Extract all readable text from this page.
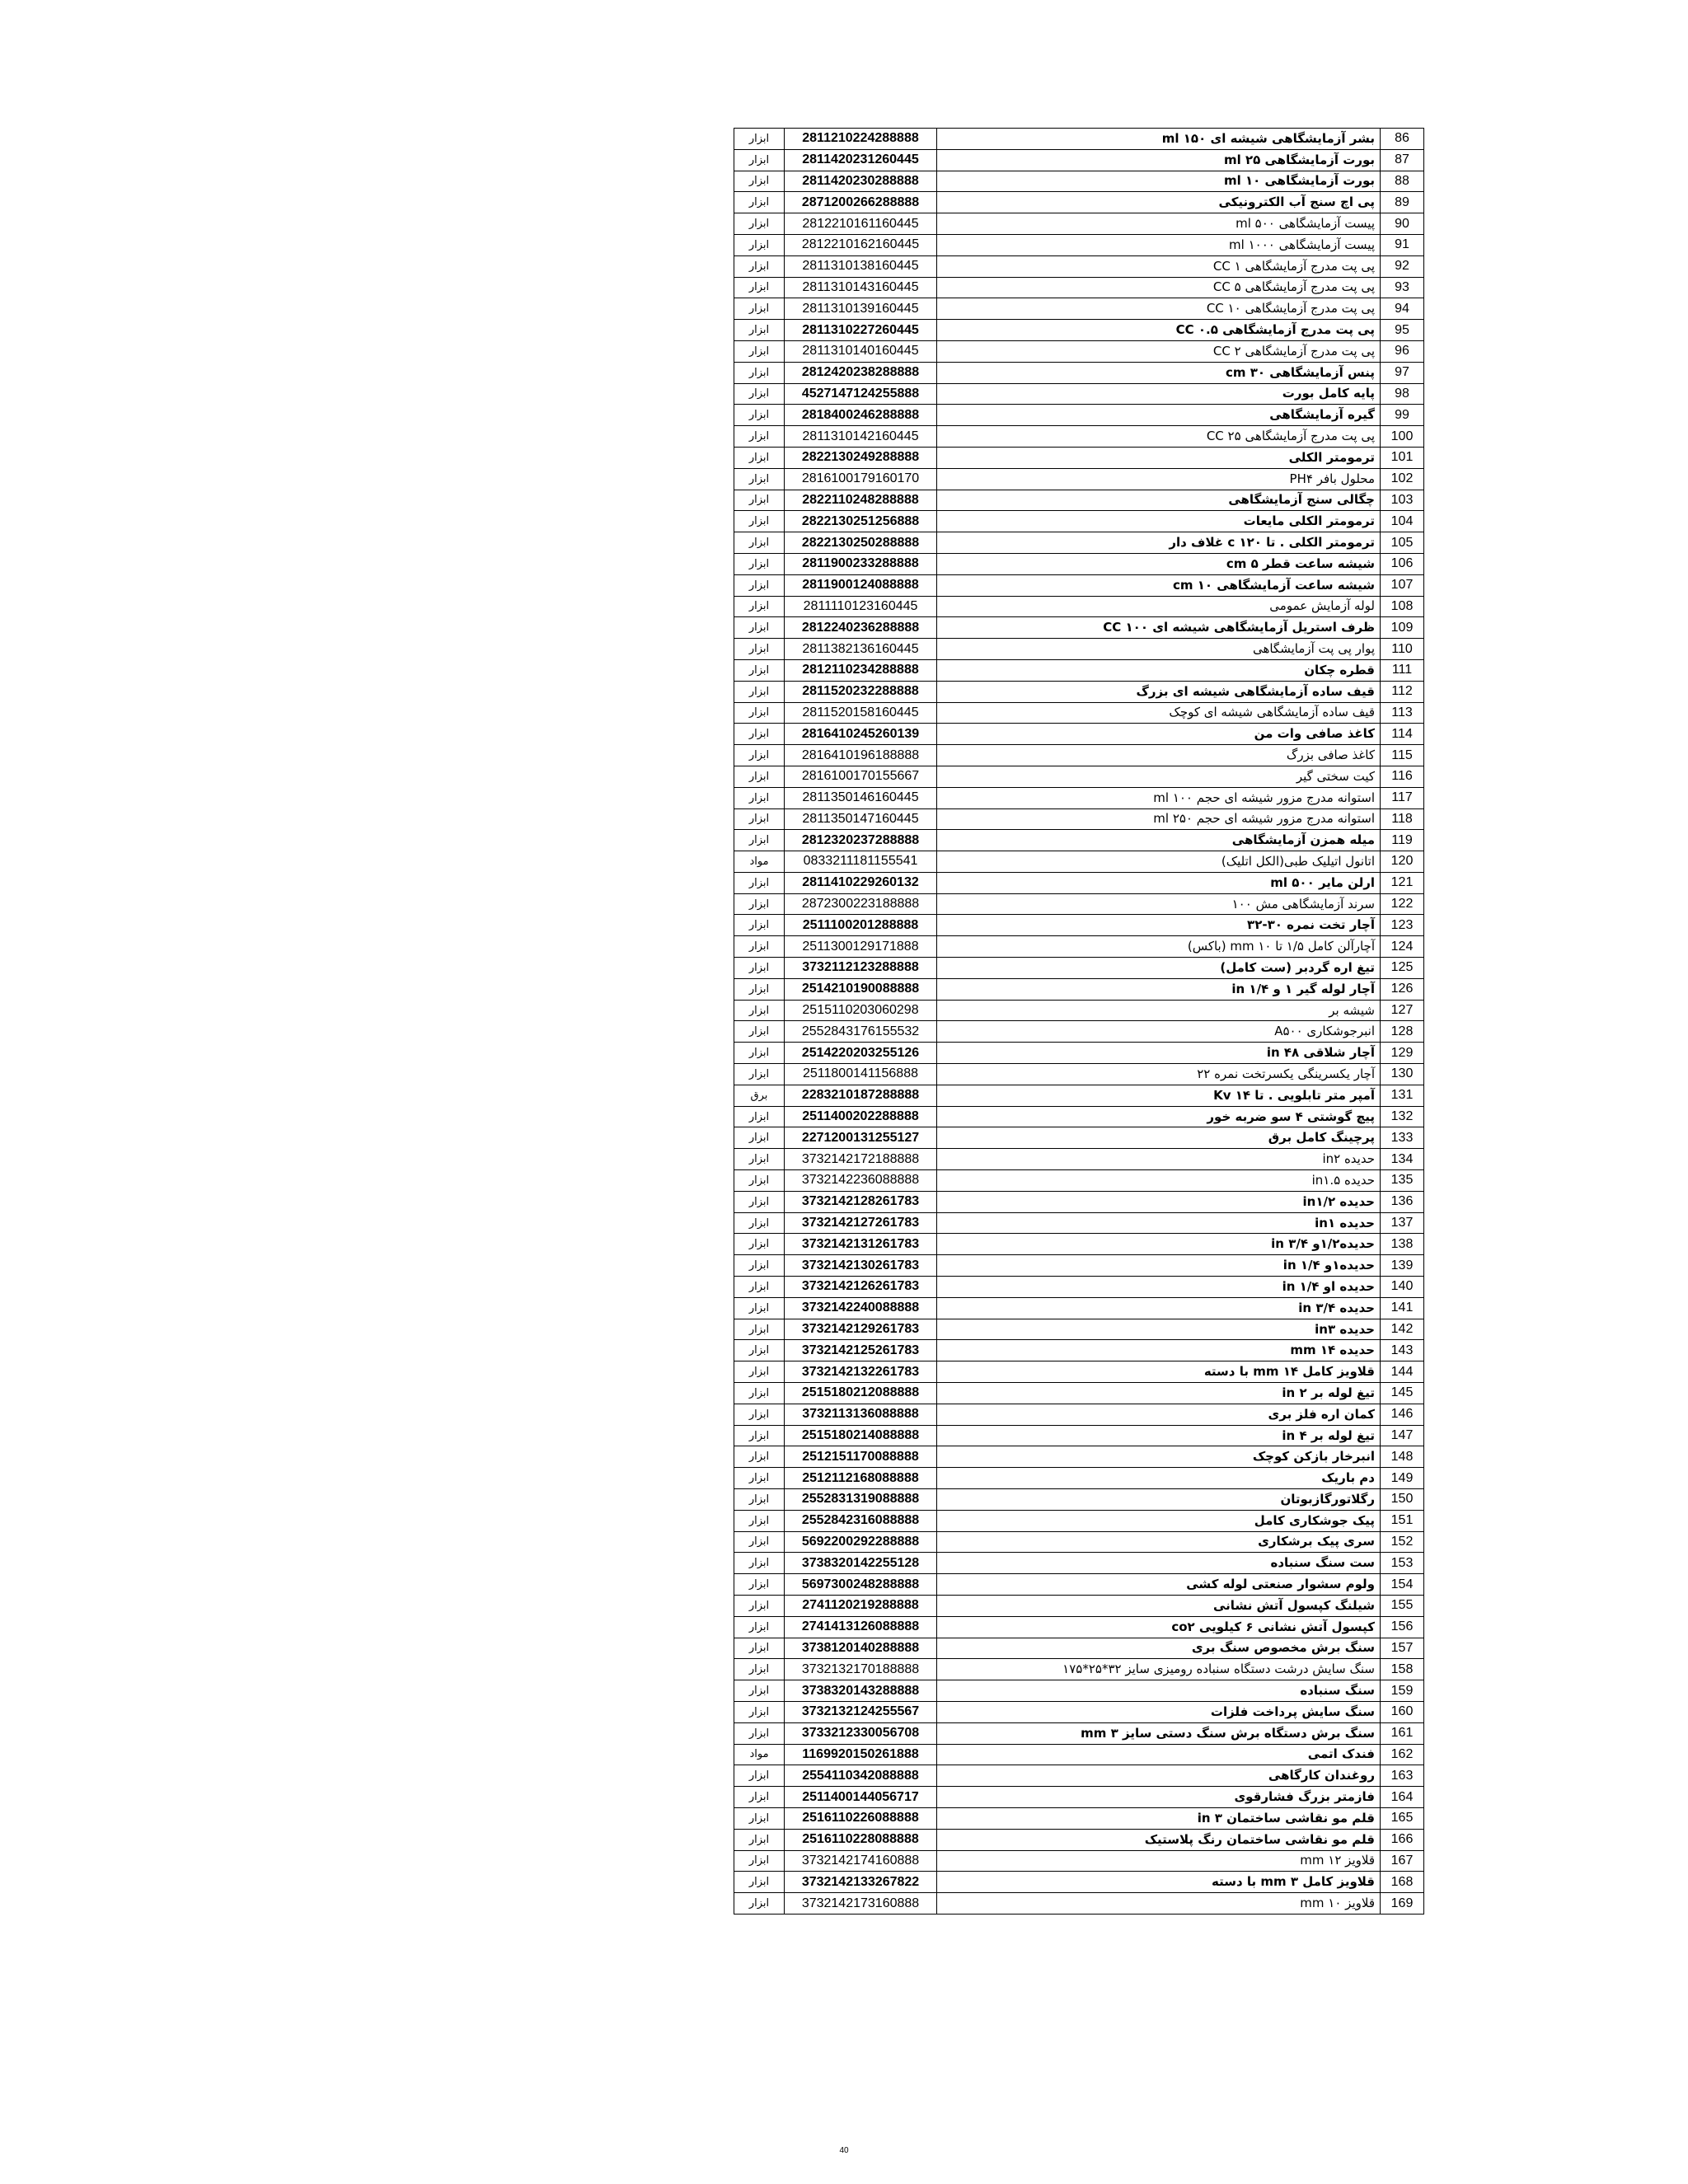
ابزار	2811210224288888	بشر آزمایشگاهی شیشه ای ۱۵۰ ml	86
ابزار	2811420231260445	بورت آزمایشگاهی ۲۵ ml	87
ابزار	2811420230288888	بورت آزمایشگاهی ۱۰ ml	88
ابزار	2871200266288888	پی اچ سنج آب الکترونیکی	89
ابزار	2812210161160445	پیست آزمایشگاهی ۵۰۰ ml	90
ابزار	2812210162160445	پیست آزمایشگاهی ۱۰۰۰ ml	91
ابزار	2811310138160445	پی پت مدرج آزمایشگاهی ۱ CC	92
ابزار	2811310143160445	پی پت مدرج آزمایشگاهی ۵ CC	93
ابزار	2811310139160445	پی پت مدرج آزمایشگاهی ۱۰ CC	94
ابزار	2811310227260445	پی پت مدرج آزمایشگاهی ۰.۵ CC	95
ابزار	2811310140160445	پی پت مدرج آزمایشگاهی ۲ CC	96
ابزار	2812420238288888	پنس آزمایشگاهی ۳۰ cm	97
ابزار	4527147124255888	پایه کامل بورت	98
ابزار	2818400246288888	گیره آزمایشگاهی	99
ابزار	2811310142160445	پی پت مدرج آزمایشگاهی ۲۵ CC	100
ابزار	2822130249288888	ترمومتر الکلی	101
ابزار	2816100179160170	محلول بافر PH۴	102
ابزار	2822110248288888	چگالی سنج آزمایشگاهی	103
ابزار	2822130251256888	ترمومتر الکلی مایعات	104
ابزار	2822130250288888	ترمومتر الکلی . تا ۱۲۰ c غلاف دار	105
ابزار	2811900233288888	شیشه ساعت قطر ۵ cm	106
ابزار	2811900124088888	شیشه ساعت آزمایشگاهی ۱۰ cm	107
ابزار	2811110123160445	لوله آزمایش عمومی	108
ابزار	2812240236288888	ظرف استریل آزمایشگاهی شیشه ای ۱۰۰ CC	109
ابزار	2811382136160445	پوار پی پت آزمایشگاهی	110
ابزار	2812110234288888	قطره چکان	111
ابزار	2811520232288888	قیف ساده آزمایشگاهی شیشه ای بزرگ	112
ابزار	2811520158160445	قیف ساده آزمایشگاهی شیشه ای کوچک	113
ابزار	2816410245260139	کاغذ صافی وات من	114
ابزار	2816410196188888	کاغذ صافی بزرگ	115
ابزار	2816100170155667	کیت سختی گیر	116
ابزار	2811350146160445	استوانه مدرج مزور شیشه ای حجم ۱۰۰ ml	117
ابزار	2811350147160445	استوانه مدرج مزور شیشه ای حجم ۲۵۰ ml	118
ابزار	2812320237288888	میله همزن آزمایشگاهی	119
مواد	0833211181155541	اتانول اتیلیک طبی(الکل اتلیک)	120
ابزار	2811410229260132	ارلن مایر ۵۰۰ ml	121
ابزار	2872300223188888	سرند آزمایشگاهی مش ۱۰۰	122
ابزار	2511100201288888	آچار تخت نمره ۳۰-۳۲	123
ابزار	2511300129171888	آچارآلن کامل ۱/۵ تا ۱۰ mm (باکس)	124
ابزار	3732112123288888	تیغ اره گردبر (ست کامل)	125
ابزار	2514210190088888	آچار لوله گیر ۱ و ۱/۴ in	126
ابزار	2515110203060298	شیشه بر	127
ابزار	2552843176155532	انبرجوشکاری A۵۰۰	128
ابزار	2514220203255126	آچار شلاقی ۴۸ in	129
ابزار	2511800141156888	آچار یکسرینگی یکسرتخت نمره ۲۲	130
برق	2283210187288888	آمپر متر تابلویی . تا ۱۴ Kv	131
ابزار	2511400202288888	پیچ گوشتی ۴ سو ضربه خور	132
ابزار	2271200131255127	پرچینگ کامل برق	133
ابزار	3732142172188888	حدیده in۲	134
ابزار	3732142236088888	حدیده in۱.۵	135
ابزار	3732142128261783	حدیده in۱/۲	136
ابزار	3732142127261783	حدیده in۱	137
ابزار	3732142131261783	حدیده۱/۲و ۳/۴ in	138
ابزار	3732142130261783	حدیده۱و ۱/۴ in	139
ابزار	3732142126261783	حدیده او ۱/۴ in	140
ابزار	3732142240088888	حدیده ۳/۴ in	141
ابزار	3732142129261783	حدیده in۳	142
ابزار	3732142125261783	حدیده ۱۴ mm	143
ابزار	3732142132261783	قلاویز کامل ۱۴ mm با دسته	144
ابزار	2515180212088888	تیغ لوله بر ۲ in	145
ابزار	3732113136088888	کمان اره فلز بری	146
ابزار	2515180214088888	تیغ لوله بر ۴ in	147
ابزار	2512151170088888	انبرخار بازکن کوچک	148
ابزار	2512112168088888	دم باریک	149
ابزار	2552831319088888	رگلاتورگازبوتان	150
ابزار	2552842316088888	پیک جوشکاری کامل	151
ابزار	5692200292288888	سری پیک برشکاری	152
ابزار	3738320142255128	ست سنگ سنباده	153
ابزار	5697300248288888	ولوم سشوار صنعتی لوله کشی	154
ابزار	2741120219288888	شیلنگ کپسول آتش نشانی	155
ابزار	2741413126088888	کپسول آتش نشانی ۶ کیلویی co۲	156
ابزار	3738120140288888	سنگ برش مخصوص سنگ بری	157
ابزار	3732132170188888	سنگ سایش درشت دستگاه سنباده رومیزی سایز ۳۲*۲۵*۱۷۵	158
ابزار	3738320143288888	سنگ سنباده	159
ابزار	3732132124255567	سنگ سایش پرداخت فلزات	160
ابزار	3733212330056708	سنگ برش دستگاه برش سنگ دستی سایز ۳ mm	161
مواد	1169920150261888	فندک اتمی	162
ابزار	2554110342088888	روغندان کارگاهی	163
ابزار	2511400144056717	فازمتر بزرگ فشارقوی	164
ابزار	2516110226088888	قلم مو نقاشی ساختمان ۳ in	165
ابزار	2516110228088888	قلم مو نقاشی ساختمان رنگ پلاستیک	166
ابزار	3732142174160888	قلاویز ۱۲ mm	167
ابزار	3732142133267822	قلاویز کامل ۳ mm با دسته	168
ابزار	3732142173160888	قلاویز ۱۰ mm	169
40
